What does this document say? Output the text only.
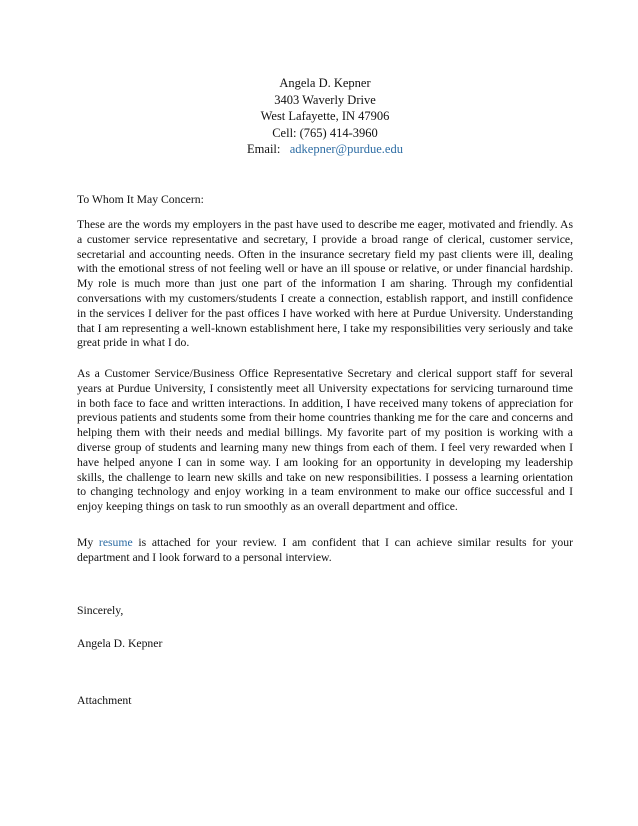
Angela D. Kepner
3403 Waverly Drive
West Lafayette, IN 47906
Cell: (765) 414-3960
Email: adkepner@purdue.edu

To Whom It May Concern:

These are the words my employers in the past have used to describe me eager, motivated and friendly. As a customer service representative and secretary, I provide a broad range of clerical, customer service, secretarial and accounting needs. Often in the insurance secretary field my past clients were ill, dealing with the emotional stress of not feeling well or have an ill spouse or relative, or under financial hardship. My role is much more than just one part of the information I am sharing. Through my confidential conversations with my customers/students I create a connection, establish rapport, and instill confidence in the services I deliver for the past offices I have worked with here at Purdue University. Understanding that I am representing a well-known establishment here, I take my responsibilities very seriously and take great pride in what I do.

As a Customer Service/Business Office Representative Secretary and clerical support staff for several years at Purdue University, I consistently meet all University expectations for servicing turnaround time in both face to face and written interactions. In addition, I have received many tokens of appreciation for previous patients and students some from their home countries thanking me for the care and concerns and helping them with their needs and medial billings. My favorite part of my position is working with a diverse group of students and learning many new things from each of them. I feel very rewarded when I have helped anyone I can in some way. I am looking for an opportunity in developing my leadership skills, the challenge to learn new skills and take on new responsibilities. I possess a learning orientation to changing technology and enjoy working in a team environment to make our office successful and I enjoy keeping things on task to run smoothly as an overall department and office.

My resume is attached for your review. I am confident that I can achieve similar results for your department and I look forward to a personal interview.

Sincerely,

Angela D. Kepner

Attachment
